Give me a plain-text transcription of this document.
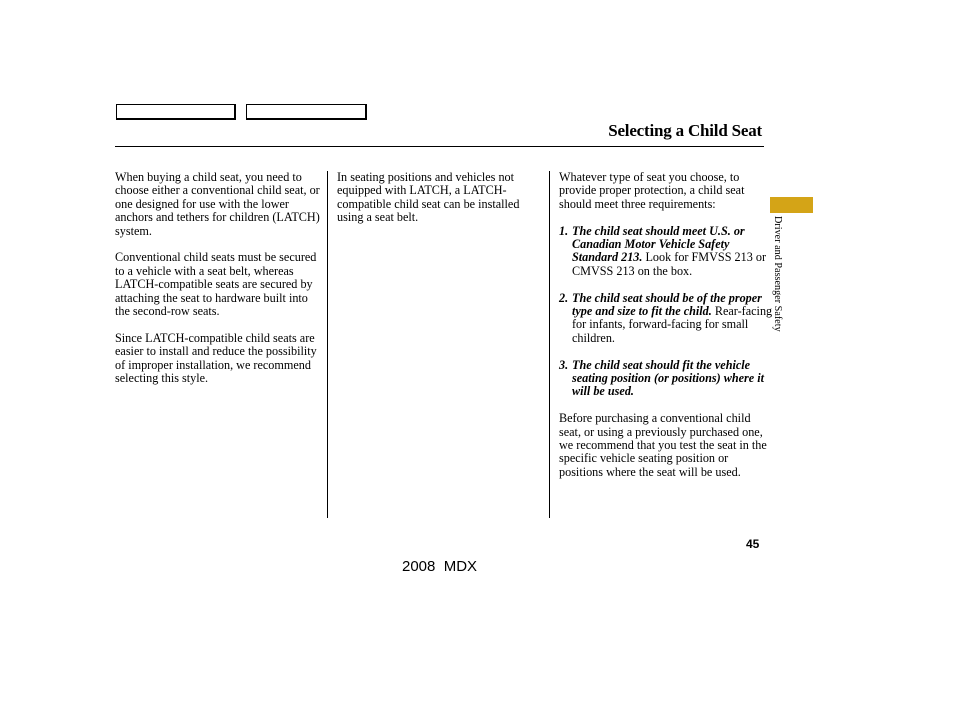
Selecting a Child Seat

When buying a child seat, you need to choose either a conventional child seat, or one designed for use with the lower anchors and tethers for children (LATCH) system.

Conventional child seats must be secured to a vehicle with a seat belt, whereas LATCH-compatible seats are secured by attaching the seat to hardware built into the second-row seats.

Since LATCH-compatible child seats are easier to install and reduce the possibility of improper installation, we recommend selecting this style.

In seating positions and vehicles not equipped with LATCH, a LATCH-compatible child seat can be installed using a seat belt.

Whatever type of seat you choose, to provide proper protection, a child seat should meet three requirements:

1. The child seat should meet U.S. or Canadian Motor Vehicle Safety Standard 213. Look for FMVSS 213 or CMVSS 213 on the box.
2. The child seat should be of the proper type and size to fit the child. Rear-facing for infants, forward-facing for small children.
3. The child seat should fit the vehicle seating position (or positions) where it will be used.

Before purchasing a conventional child seat, or using a previously purchased one, we recommend that you test the seat in the specific vehicle seating position or positions where the seat will be used.

Driver and Passenger Safety
45
2008  MDX
